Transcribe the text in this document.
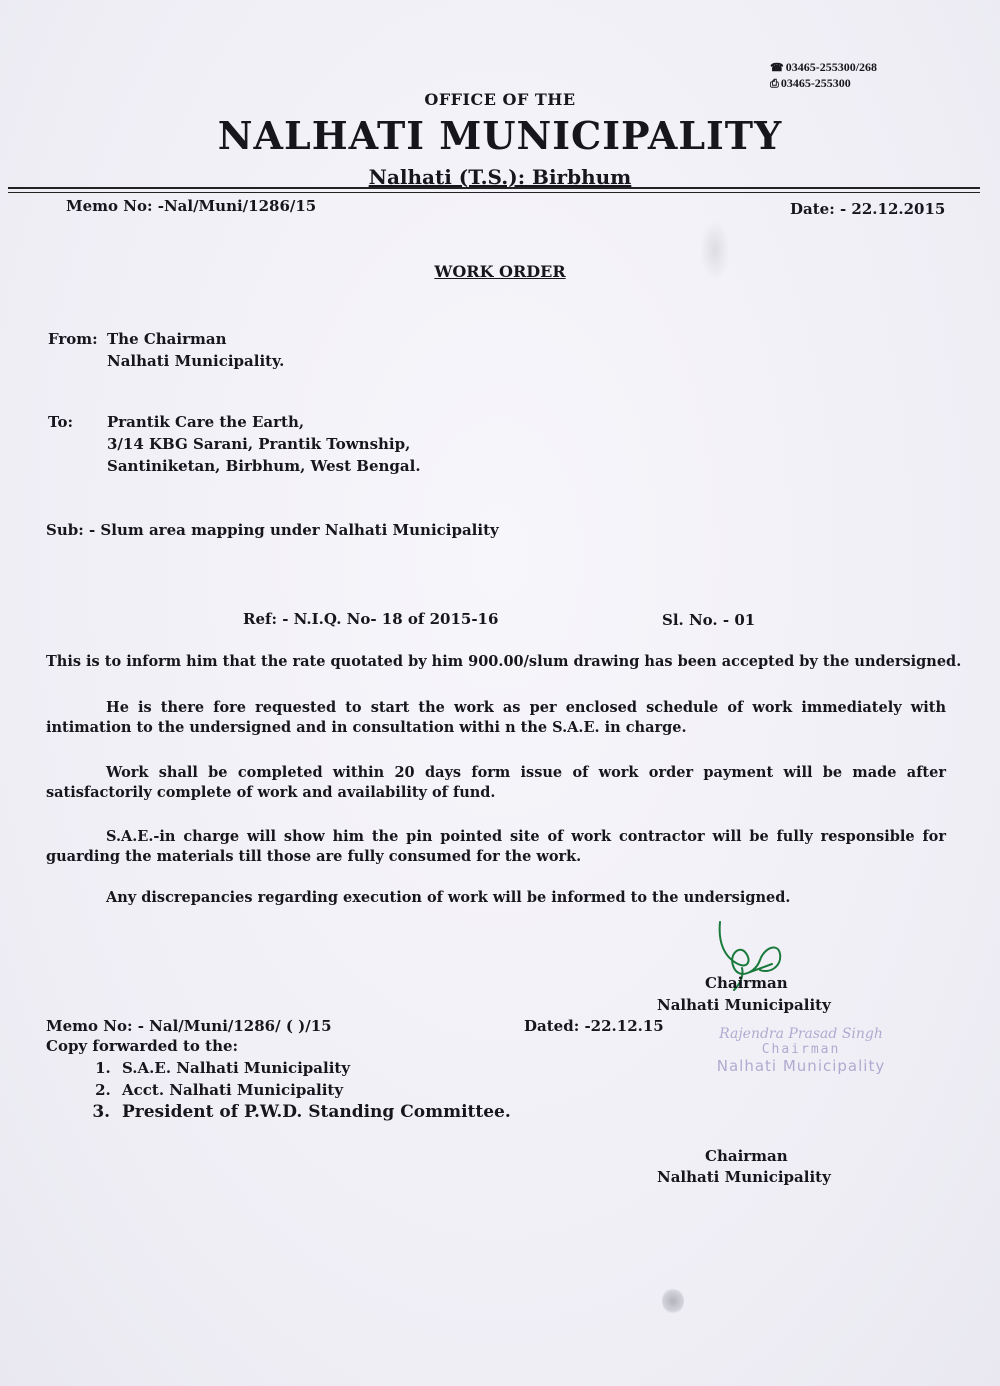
☎ 03465-255300/268
⎙ 03465-255300
OFFICE OF THE
NALHATI MUNICIPALITY
Nalhati (T.S.): Birbhum
Memo No: -Nal/Muni/1286/15	Date: - 22.12.2015
WORK ORDER
From: The Chairman
Nalhati Municipality.
To: Prantik Care the Earth,
3/14 KBG Sarani, Prantik Township,
Santiniketan, Birbhum, West Bengal.
Sub: - Slum area mapping under Nalhati Municipality
Ref: - N.I.Q. No- 18 of 2015-16	Sl. No. - 01
This is to inform him that the rate quotated by him 900.00/slum drawing has been accepted by the undersigned.
He is there fore requested to start the work as per enclosed schedule of work immediately with intimation to the undersigned and in consultation withi n the S.A.E. in charge.
Work shall be completed within 20 days form issue of work order payment will be made after satisfactorily complete of work and availability of fund.
S.A.E.-in charge will show him the pin pointed site of work contractor will be fully responsible for guarding the materials till those are fully consumed for the work.
Any discrepancies regarding execution of work will be informed to the undersigned.
Chairman
Nalhati Municipality
Rajendra Prasad Singh
Chairman
Nalhati Municipality
Memo No: - Nal/Muni/1286/ ( )/15	Dated: -22.12.15
Copy forwarded to the:
1. S.A.E. Nalhati Municipality
2. Acct. Nalhati Municipality
3. President of P.W.D. Standing Committee.
Chairman
Nalhati Municipality
